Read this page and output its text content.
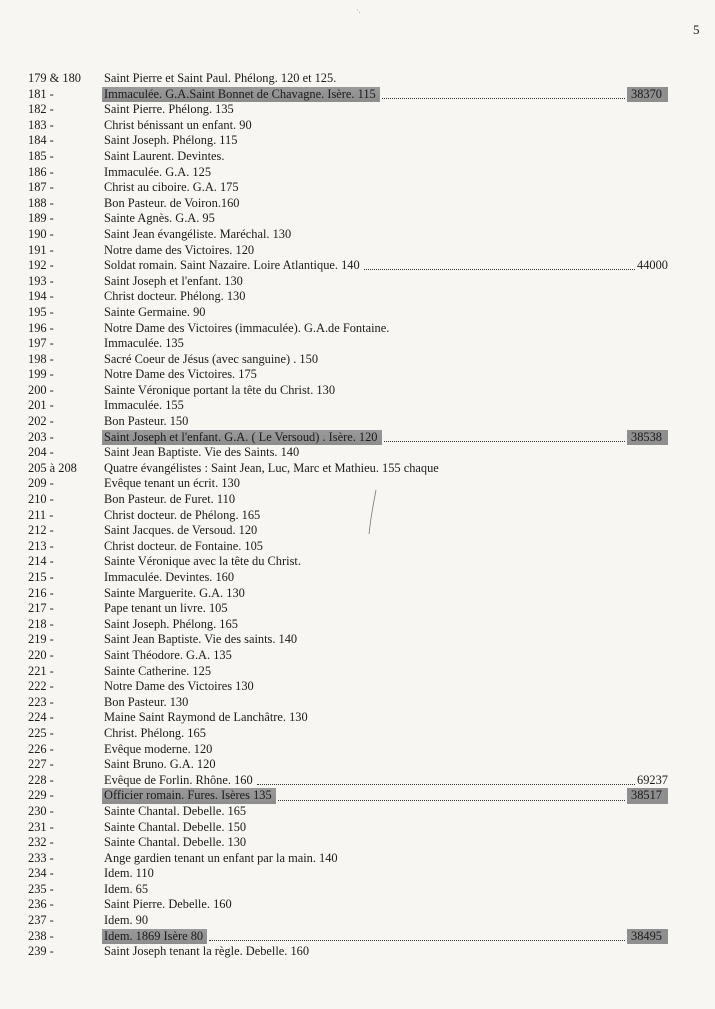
5
·.
179 & 180	Saint Pierre et Saint Paul. Phélong. 120 et 125.
181 -	Immaculée. G.A.Saint Bonnet de Chavagne. Isère. 115	38370
182 -	Saint Pierre. Phélong. 135
183 -	Christ bénissant un enfant. 90
184 -	Saint Joseph. Phélong. 115
185 -	Saint Laurent. Devintes.
186 -	Immaculée. G.A. 125
187 -	Christ au ciboire. G.A. 175
188 -	Bon Pasteur. de Voiron.160
189 -	Sainte Agnès. G.A. 95
190 -	Saint Jean évangéliste. Maréchal. 130
191 -	Notre dame des Victoires. 120
192 -	Soldat romain. Saint Nazaire. Loire Atlantique. 140	44000
193 -	Saint Joseph et l'enfant. 130
194 -	Christ docteur. Phélong. 130
195 -	Sainte Germaine. 90
196 -	Notre Dame des Victoires (immaculée). G.A.de Fontaine.
197 -	Immaculée. 135
198 -	Sacré Coeur de Jésus (avec sanguine) . 150
199 -	Notre Dame des Victoires. 175
200 -	Sainte Véronique portant la tête du Christ. 130
201 -	Immaculée. 155
202 -	Bon Pasteur. 150
203 -	Saint Joseph et l'enfant. G.A. ( Le Versoud) . Isère. 120	38538
204 -	Saint Jean Baptiste. Vie des Saints. 140
205 à 208	Quatre évangélistes : Saint Jean, Luc, Marc et Mathieu. 155 chaque
209 -	Evêque tenant un écrit. 130
210 -	Bon Pasteur. de Furet. 110
211 -	Christ docteur. de Phélong. 165
212 -	Saint Jacques. de Versoud. 120
213 -	Christ docteur. de Fontaine. 105
214 -	Sainte Véronique avec la tête du Christ.
215 -	Immaculée. Devintes. 160
216 -	Sainte Marguerite. G.A. 130
217 -	Pape tenant un livre. 105
218 -	Saint Joseph. Phélong. 165
219 -	Saint Jean Baptiste. Vie des saints. 140
220 -	Saint Théodore. G.A. 135
221 -	Sainte Catherine. 125
222 -	Notre Dame des Victoires 130
223 -	Bon Pasteur. 130
224 -	Maine Saint Raymond de Lanchâtre. 130
225 -	Christ. Phélong. 165
226 -	Evêque moderne. 120
227 -	Saint Bruno. G.A. 120
228 -	Evêque de Forlin. Rhône. 160	69237
229 -	Officier romain. Fures. Isères 135	38517
230 -	Sainte Chantal. Debelle. 165
231 -	Sainte Chantal. Debelle. 150
232 -	Sainte Chantal. Debelle. 130
233 -	Ange gardien tenant un enfant par la main. 140
234 -	Idem. 110
235 -	Idem. 65
236 -	Saint Pierre. Debelle. 160
237 -	Idem. 90
238 -	Idem. 1869 Isère 80	38495
239 -	Saint Joseph tenant la règle. Debelle. 160
